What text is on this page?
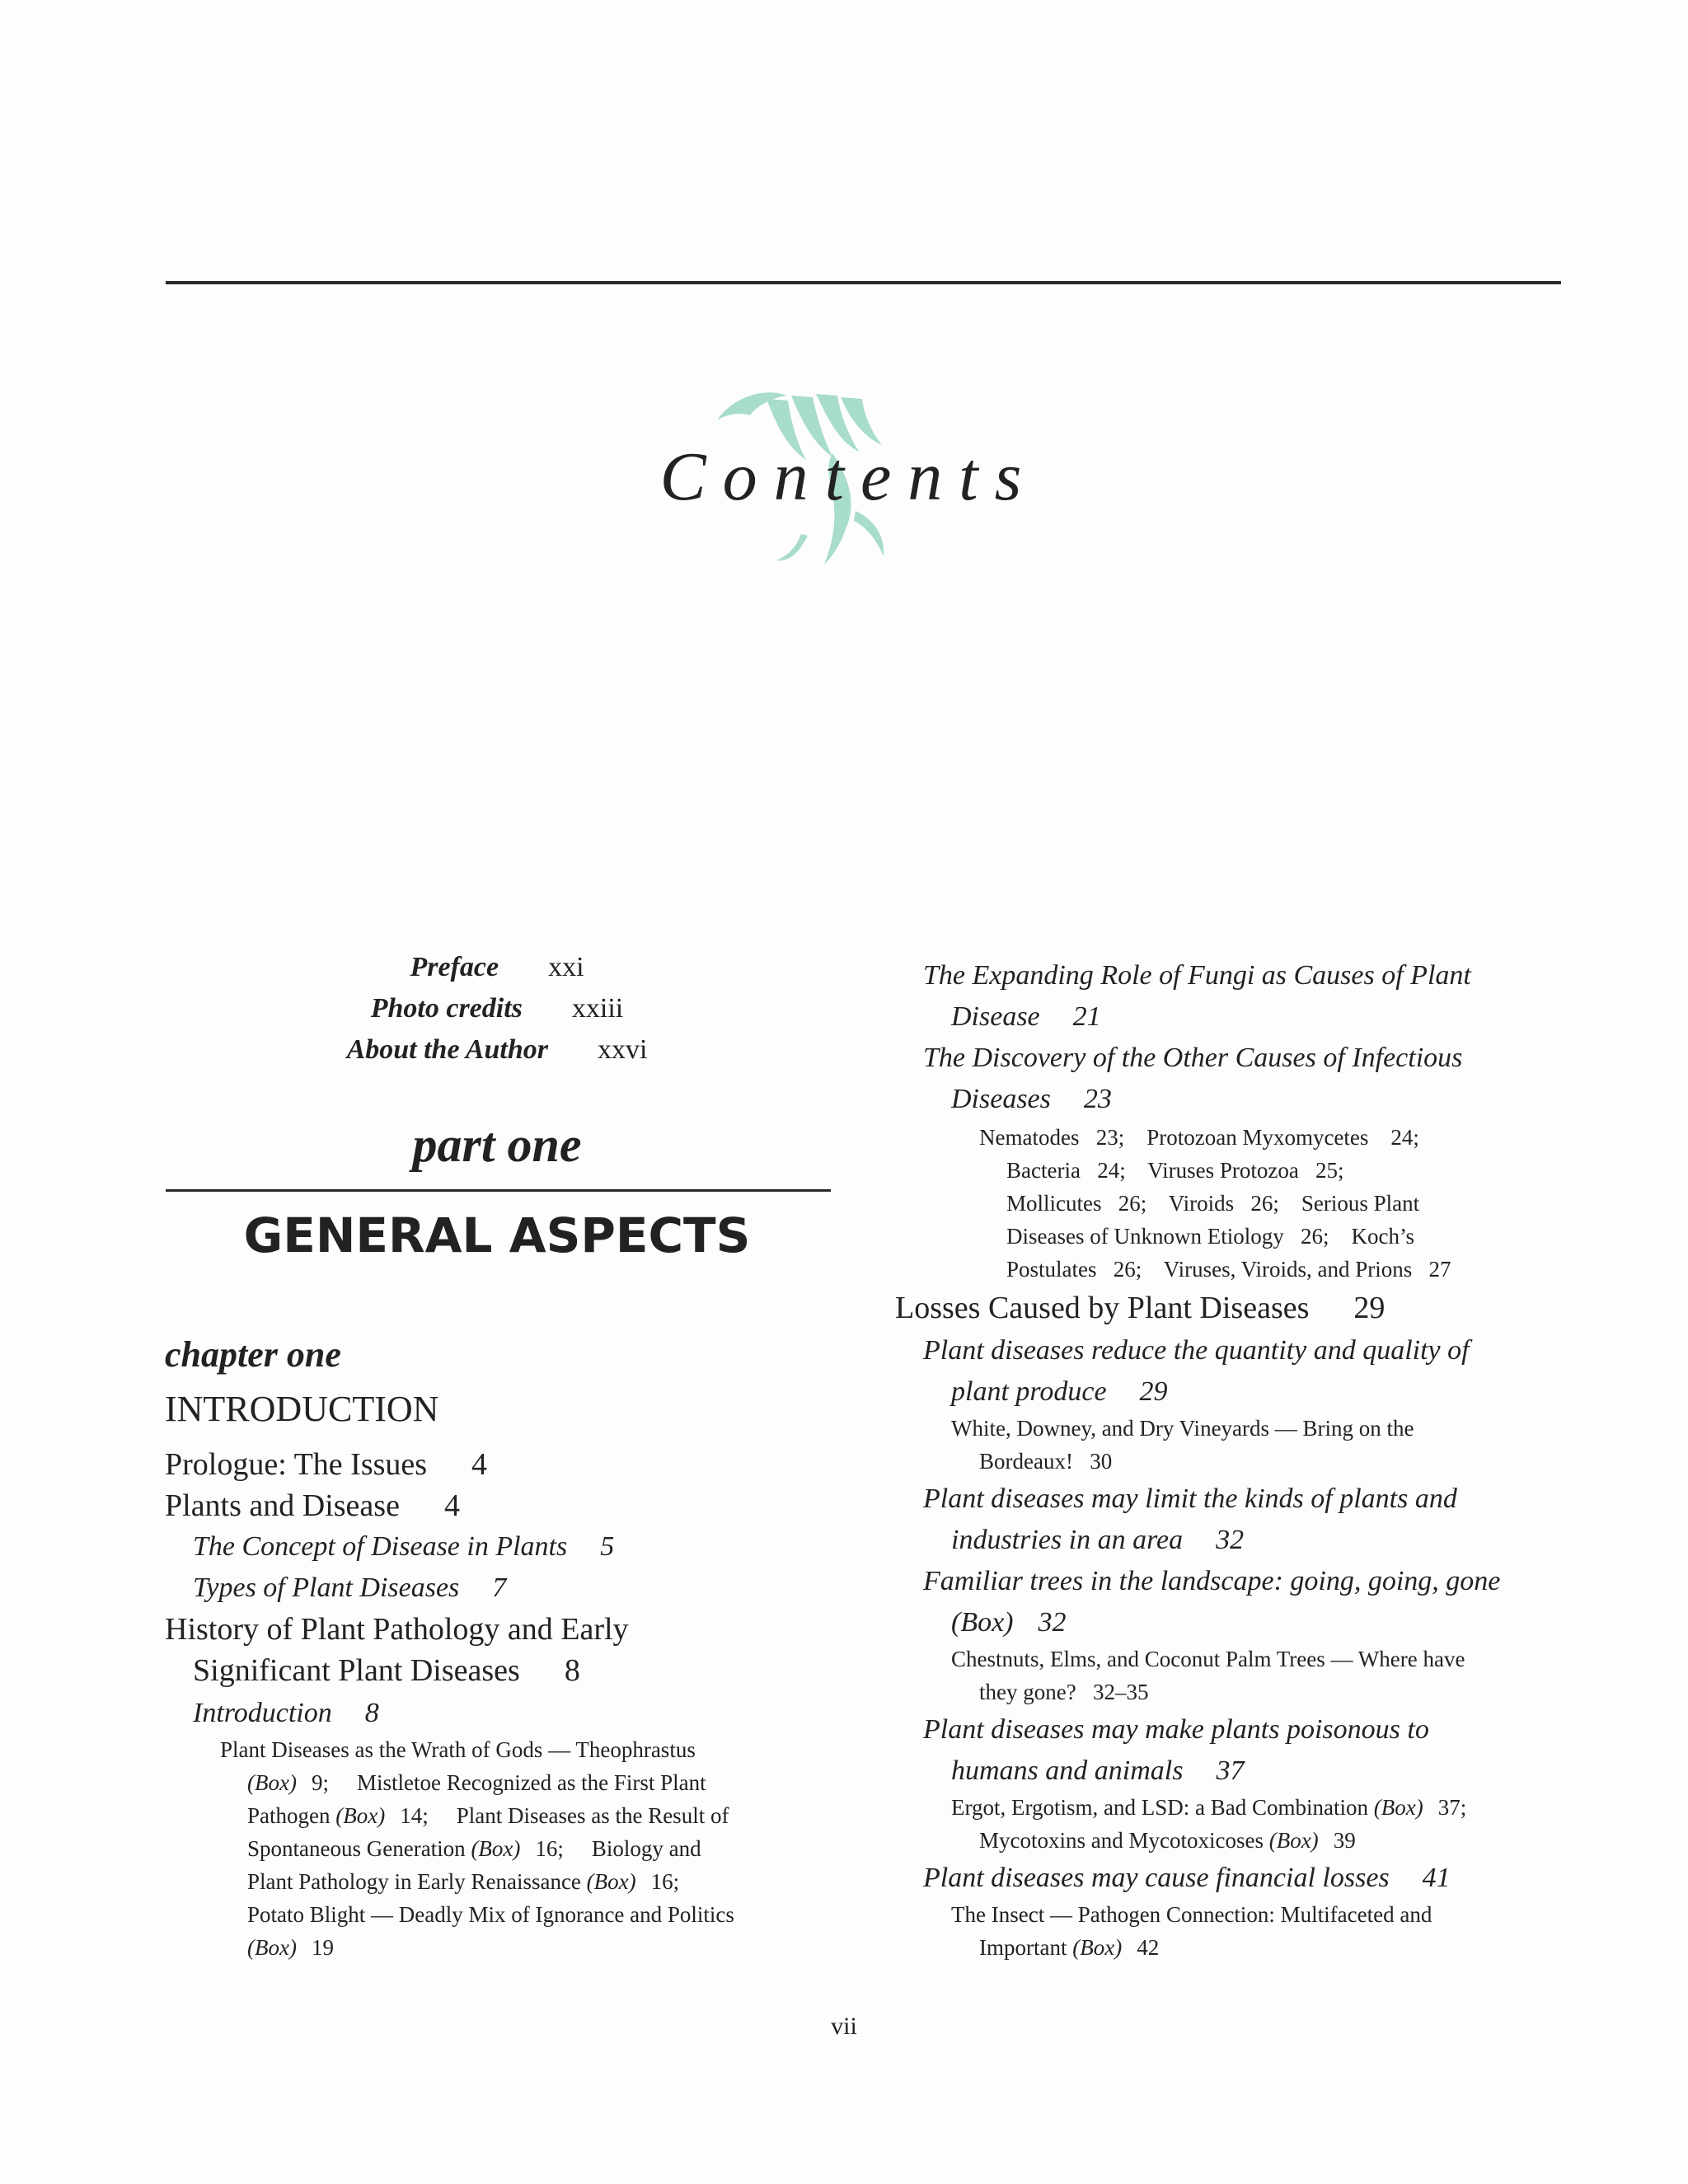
Contents
Preface xxi
Photo credits xxiii
About the Author xxvi
part one
GENERAL ASPECTS
chapter one
INTRODUCTION
Prologue: The Issues 4
Plants and Disease 4
The Concept of Disease in Plants 5
Types of Plant Diseases 7
History of Plant Pathology and Early
Significant Plant Diseases 8
Introduction 8
Plant Diseases as the Wrath of Gods — Theophrastus
(Box) 9; Mistletoe Recognized as the First Plant
Pathogen (Box) 14; Plant Diseases as the Result of
Spontaneous Generation (Box) 16; Biology and
Plant Pathology in Early Renaissance (Box) 16;
Potato Blight — Deadly Mix of Ignorance and Politics
(Box) 19
The Expanding Role of Fungi as Causes of Plant
Disease 21
The Discovery of the Other Causes of Infectious
Diseases 23
Nematodes   23;    Protozoan Myxomycetes    24;
Bacteria   24;    Viruses Protozoa   25;
Mollicutes   26;    Viroids   26;    Serious Plant
Diseases of Unknown Etiology   26;    Koch’s
Postulates   26;    Viruses, Viroids, and Prions   27
Losses Caused by Plant Diseases 29
Plant diseases reduce the quantity and quality of
plant produce 29
White, Downey, and Dry Vineyards — Bring on the
Bordeaux!   30
Plant diseases may limit the kinds of plants and
industries in an area 32
Familiar trees in the landscape: going, going, gone
(Box) 32
Chestnuts, Elms, and Coconut Palm Trees — Where have
they gone?   32–35
Plant diseases may make plants poisonous to
humans and animals 37
Ergot, Ergotism, and LSD: a Bad Combination (Box) 37;
Mycotoxins and Mycotoxicoses (Box) 39
Plant diseases may cause financial losses 41
The Insect — Pathogen Connection: Multifaceted and
Important (Box) 42
vii
